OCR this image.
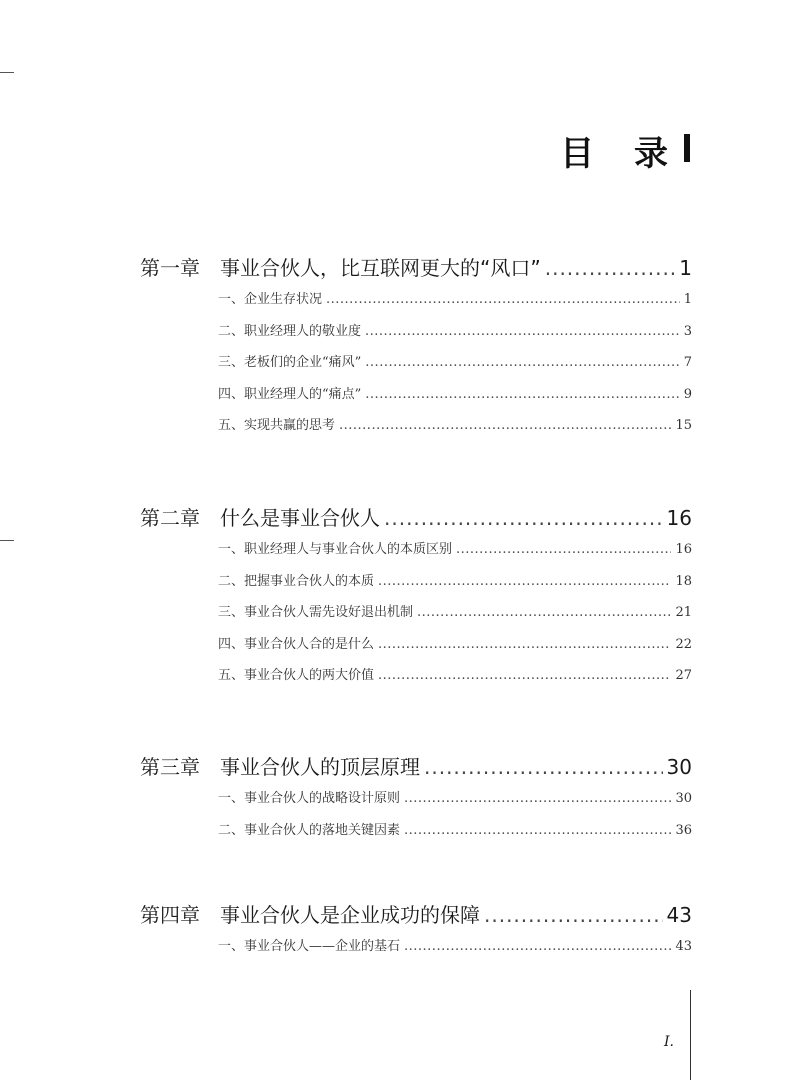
目 录
第一章	事业合伙人，比互联网更大的“风口” .....	1
一、企业生存状况 .....	1
二、职业经理人的敬业度 .....	3
三、老板们的企业“痛风” .....	7
四、职业经理人的“痛点” .....	9
五、实现共赢的思考 .....	15
第二章	什么是事业合伙人 .....	16
一、职业经理人与事业合伙人的本质区别 .....	16
二、把握事业合伙人的本质 .....	18
三、事业合伙人需先设好退出机制 .....	21
四、事业合伙人合的是什么 .....	22
五、事业合伙人的两大价值 .....	27
第三章	事业合伙人的顶层原理 .....	30
一、事业合伙人的战略设计原则 .....	30
二、事业合伙人的落地关键因素 .....	36
第四章	事业合伙人是企业成功的保障 .....	43
一、事业合伙人——企业的基石 .....	43
I.
